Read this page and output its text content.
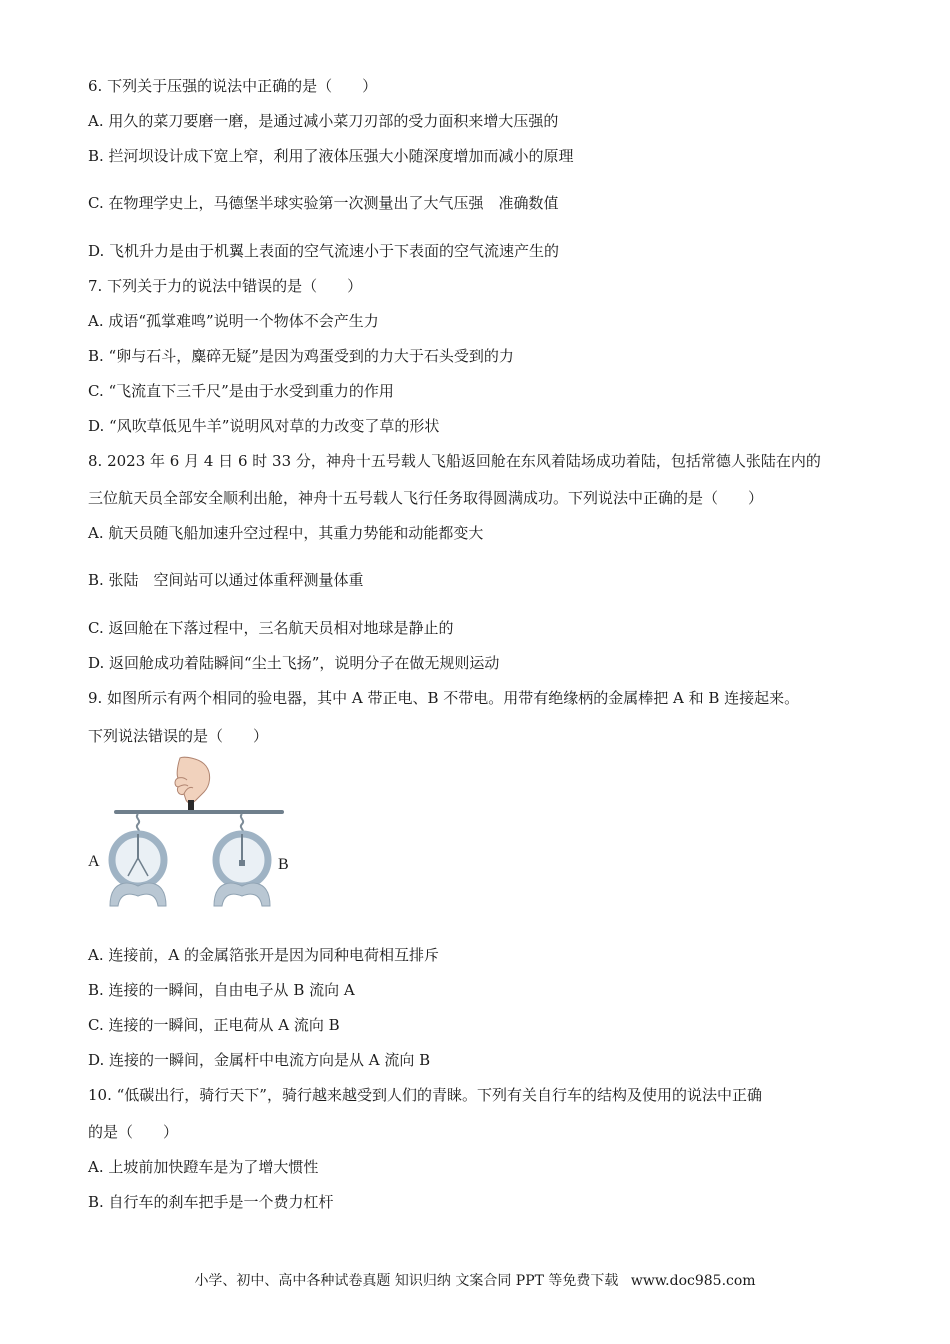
6. 下列关于压强的说法中正确的是（　　）
A. 用久的菜刀要磨一磨，是通过减小菜刀刃部的受力面积来增大压强的
B. 拦河坝设计成下宽上窄，利用了液体压强大小随深度增加而减小的原理
C. 在物理学史上，马德堡半球实验第一次测量出了大气压强　准确数值
D. 飞机升力是由于机翼上表面的空气流速小于下表面的空气流速产生的
7. 下列关于力的说法中错误的是（　　）
A. 成语“孤掌难鸣”说明一个物体不会产生力
B. “卵与石斗，麋碎无疑”是因为鸡蛋受到的力大于石头受到的力
C. “飞流直下三千尺”是由于水受到重力的作用
D. “风吹草低见牛羊”说明风对草的力改变了草的形状
8. 2023 年 6 月 4 日 6 时 33 分，神舟十五号载人飞船返回舱在东风着陆场成功着陆，包括常德人张陆在内的
三位航天员全部安全顺利出舱，神舟十五号载人飞行任务取得圆满成功。下列说法中正确的是（　　）
A. 航天员随飞船加速升空过程中，其重力势能和动能都变大
B. 张陆　空间站可以通过体重秤测量体重
C. 返回舱在下落过程中，三名航天员相对地球是静止的
D. 返回舱成功着陆瞬间“尘土飞扬”，说明分子在做无规则运动
9. 如图所示有两个相同的验电器，其中 A 带正电、B 不带电。用带有绝缘柄的金属棒把 A 和 B 连接起来。
下列说法错误的是（　　）
A	B
A. 连接前，A 的金属箔张开是因为同种电荷相互排斥
B. 连接的一瞬间，自由电子从 B 流向 A
C. 连接的一瞬间，正电荷从 A 流向 B
D. 连接的一瞬间，金属杆中电流方向是从 A 流向 B
10. “低碳出行，骑行天下”，骑行越来越受到人们的青睐。下列有关自行车的结构及使用的说法中正确
的是（　　）
A. 上坡前加快蹬车是为了增大惯性
B. 自行车的刹车把手是一个费力杠杆
小学、初中、高中各种试卷真题 知识归纳 文案合同 PPT 等免费下载 www.doc985.com
